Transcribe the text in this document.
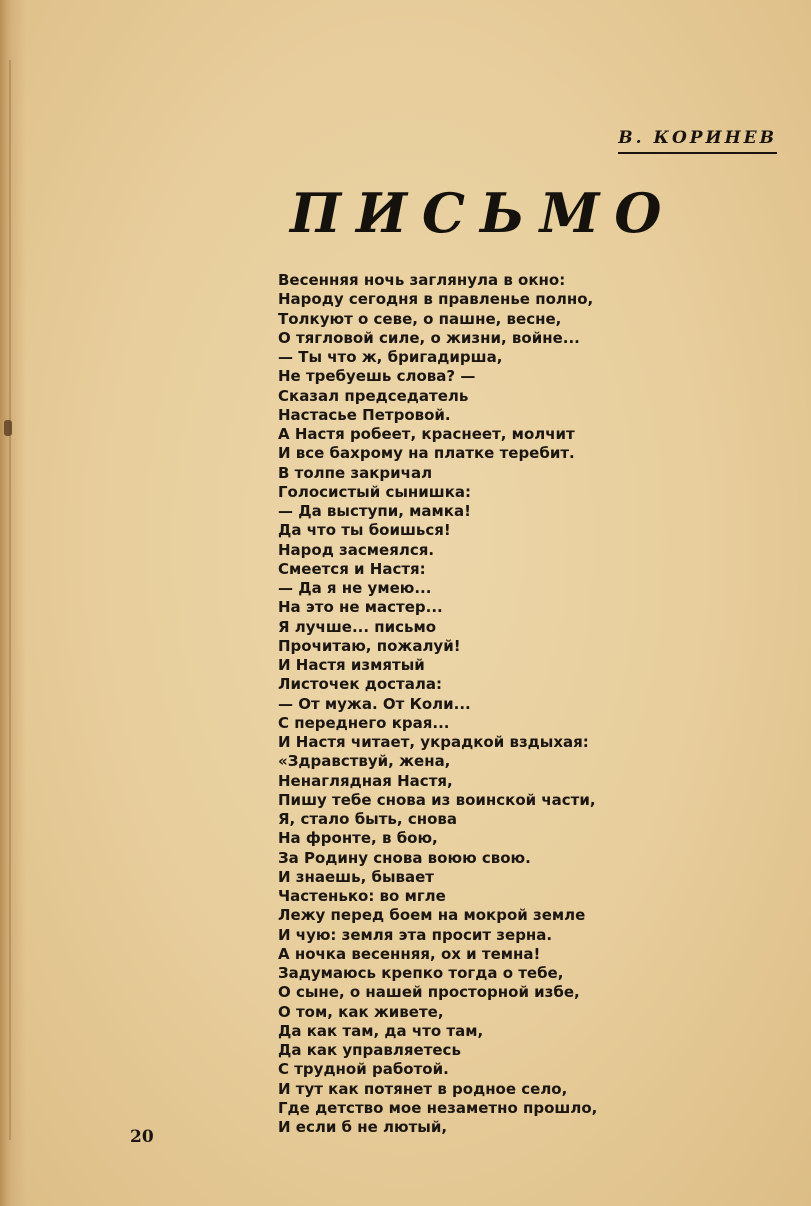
В. КОРИНЕВ
ПИСЬМО
Весенняя ночь заглянула в окно:
Народу сегодня в правленье полно,
Толкуют о севе, о пашне, весне,
О тягловой силе, о жизни, войне...
— Ты что ж, бригадирша,
Не требуешь слова? —
Сказал председатель
Настасье Петровой.
А Настя робеет, краснеет, молчит
И все бахрому на платке теребит.
В толпе закричал
Голосистый сынишка:
— Да выступи, мамка!
Да что ты боишься!
Народ засмеялся.
Смеется и Настя:
— Да я не умею...
На это не мастер...
Я лучше... письмо
Прочитаю, пожалуй!
И Настя измятый
Листочек достала:
— От мужа. От Коли...
С переднего края...
И Настя читает, украдкой вздыхая:
«Здравствуй, жена,
Ненаглядная Настя,
Пишу тебе снова из воинской части,
Я, стало быть, снова
На фронте, в бою,
За Родину снова воюю свою.
И знаешь, бывает
Частенько: во мгле
Лежу перед боем на мокрой земле
И чую: земля эта просит зерна.
А ночка весенняя, ох и темна!
Задумаюсь крепко тогда о тебе,
О сыне, о нашей просторной избе,
О том, как живете,
Да как там, да что там,
Да как управляетесь
С трудной работой.
И тут как потянет в родное село,
Где детство мое незаметно прошло,
И если б не лютый,
20
